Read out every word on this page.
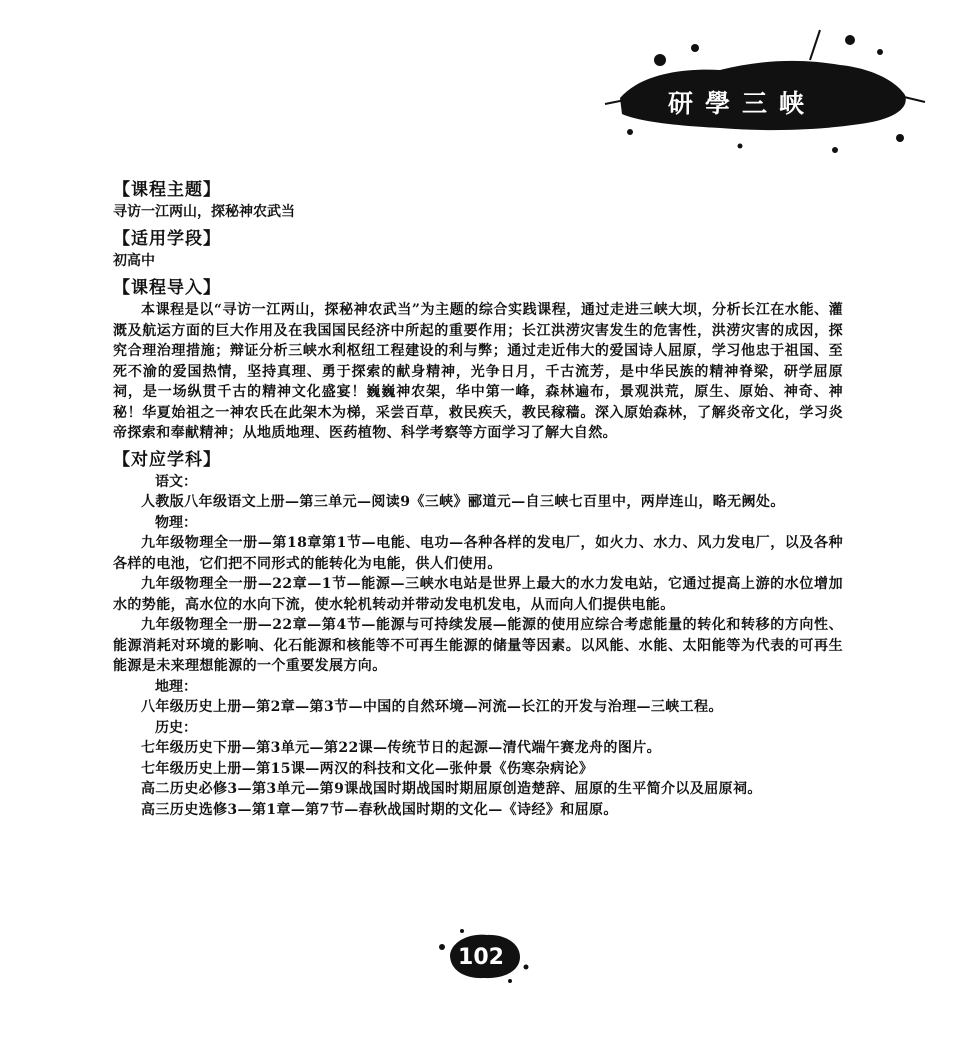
研學三峡

【课程主题】

寻访一江两山，探秘神农武当

【适用学段】

初高中

【课程导入】

本课程是以“寻访一江两山，探秘神农武当”为主题的综合实践课程，通过走进三峡大坝，分析长江在水能、灌溉及航运方面的巨大作用及在我国国民经济中所起的重要作用；长江洪涝灾害发生的危害性，洪涝灾害的成因，探究合理治理措施；辩证分析三峡水利枢纽工程建设的利与弊；通过走近伟大的爱国诗人屈原，学习他忠于祖国、至死不渝的爱国热情，坚持真理、勇于探索的献身精神，光争日月，千古流芳，是中华民族的精神脊梁，研学屈原祠，是一场纵贯千古的精神文化盛宴！巍巍神农架，华中第一峰，森林遍布，景观洪荒，原生、原始、神奇、神秘！华夏始祖之一神农氏在此架木为梯，采尝百草，救民疾夭，教民稼穑。深入原始森林，了解炎帝文化，学习炎帝探索和奉献精神；从地质地理、医药植物、科学考察等方面学习了解大自然。

【对应学科】

语文：

人教版八年级语文上册—第三单元—阅读9《三峡》郦道元—自三峡七百里中，两岸连山，略无阙处。

物理：

九年级物理全一册—第18章第1节—电能、电功—各种各样的发电厂，如火力、水力、风力发电厂，以及各种各样的电池，它们把不同形式的能转化为电能，供人们使用。

九年级物理全一册—22章—1节—能源—三峡水电站是世界上最大的水力发电站，它通过提高上游的水位增加水的势能，高水位的水向下流，使水轮机转动并带动发电机发电，从而向人们提供电能。

九年级物理全一册—22章—第4节—能源与可持续发展—能源的使用应综合考虑能量的转化和转移的方向性、能源消耗对环境的影响、化石能源和核能等不可再生能源的储量等因素。以风能、水能、太阳能等为代表的可再生能源是未来理想能源的一个重要发展方向。

地理：

八年级历史上册—第2章—第3节—中国的自然环境—河流—长江的开发与治理—三峡工程。

历史：

七年级历史下册—第3单元—第22课—传统节日的起源—清代端午赛龙舟的图片。

七年级历史上册—第15课—两汉的科技和文化—张仲景《伤寒杂病论》

高二历史必修3—第3单元—第9课战国时期战国时期屈原创造楚辞、屈原的生平简介以及屈原祠。

高三历史选修3—第1章—第7节—春秋战国时期的文化—《诗经》和屈原。

102
